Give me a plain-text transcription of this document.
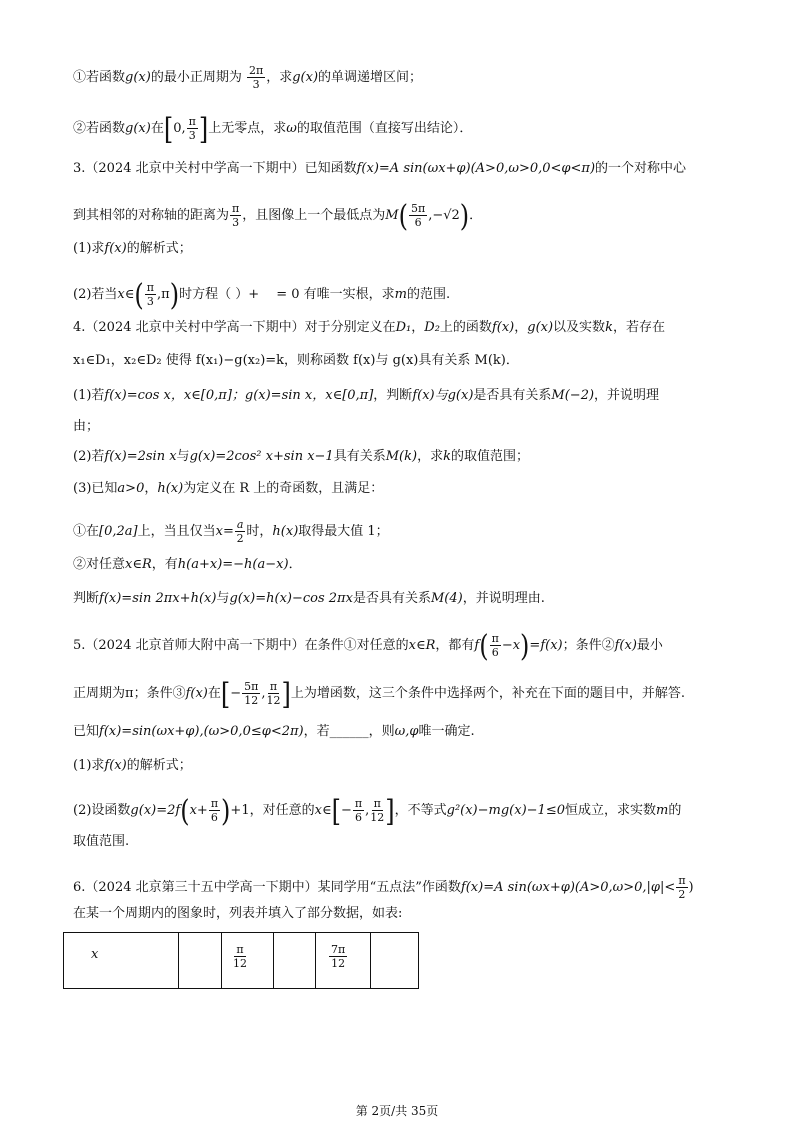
①若函数g(x)的最小正周期为 $\frac{2\pi}{3}$ ，求g(x)的单调递增区间；
②若函数g(x)在[0, $\frac{\pi}{3}$ ]上无零点，求ω的取值范围（直接写出结论）．
3.（2024 北京中关村中学高一下期中）已知函数f(x)=A sin(ωx+φ)(A>0,ω>0,0<φ<π)的一个对称中心
到其相邻的对称轴的距离为 $\frac{\pi}{3}$ ，且图像上一个最低点为$M( \frac{5\pi}{6} ,-√2)$．
(1)求f(x)的解析式；
(2)若当x∈( $\frac{\pi}{3} ,\pi$)时方程（ ）+ 　= 0 有唯一实根，求m的范围.
4.（2024 北京中关村中学高一下期中）对于分别定义在D₁，D₂上的函数f(x)，g(x)以及实数k，若存在
x₁∈D₁，x₂∈D₂ 使得 f(x₁)−g(x₂)=k，则称函数 f(x)与 g(x)具有关系 M(k)．
(1)若f(x)=cos x，x∈[0,π]；g(x)=sin x，x∈[0,π]，判断f(x)与g(x)是否具有关系M(−2)，并说明理
由；
(2)若f(x)=2sin x与g(x)=2cos² x+sin x−1具有关系M(k)，求k的取值范围；
(3)已知a>0，h(x)为定义在 R 上的奇函数，且满足：
①在[0,2a]上，当且仅当$x= \frac{a}{2}$ 时，h(x)取得最大值 1；
②对任意x∈R，有h(a+x)=−h(a−x)．
判断f(x)=sin 2πx+h(x)与g(x)=h(x)−cos 2πx是否具有关系M(4)，并说明理由.
5.（2024 北京首师大附中高一下期中）在条件①对任意的x∈R，都有$f( \frac{\pi}{6} -x)=f(x)$；条件②f(x)最小
正周期为π；条件③f(x)在[− $\frac{5\pi}{12}$ , $\frac{\pi}{12}$ ]上为增函数，这三个条件中选择两个，补充在下面的题目中，并解答.
已知f(x)=sin(ωx+φ),(ω>0,0≤φ<2π)，若______，则ω,φ唯一确定.
(1)求f(x)的解析式；
(2)设函数$g(x)=2f(x+ \frac{\pi}{6} )+1$，对任意的x∈[− $\frac{\pi}{6}$ , $\frac{\pi}{12}$ ]，不等式g²(x)−mg(x)−1≤0恒成立，求实数m的
取值范围.
6.（2024 北京第三十五中学高一下期中）某同学用“五点法”作函数f(x)=A $\sin(\omega x+\varphi)(A>0,\omega>0,|\varphi|< \frac{\pi}{2}$ )
在某一个周期内的图象时，列表并填入了部分数据，如表:
x	$\frac{\pi}{12}$	$\frac{7\pi}{12}$
第 2页/共 35页
